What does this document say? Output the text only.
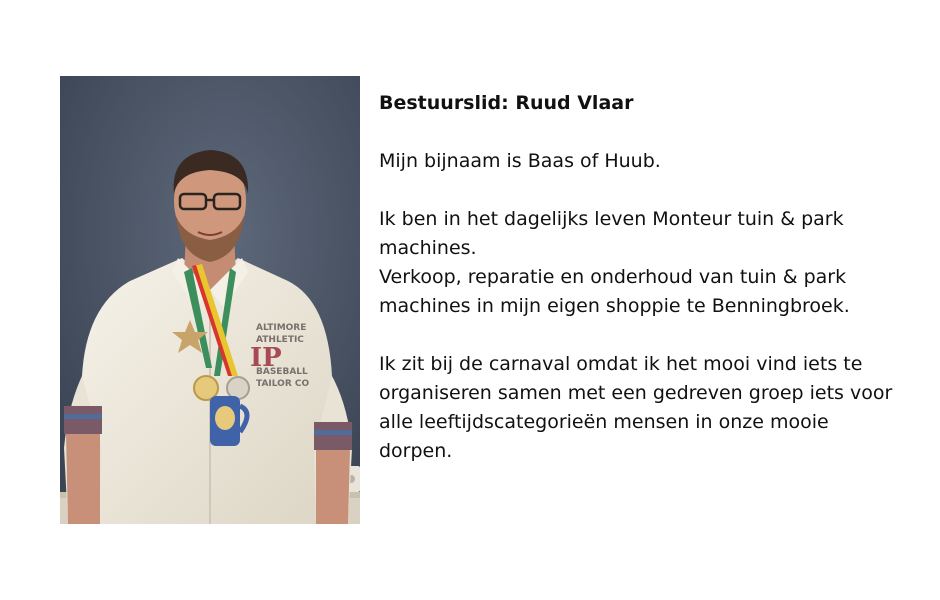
ALTIMORE
ATHLETIC
BASEBALL
TAILOR CO
IP
Bestuurslid: Ruud Vlaar

Mijn bijnaam is Baas of Huub.

Ik ben in het dagelijks leven Monteur tuin & park machines.

Verkoop, reparatie en onderhoud van tuin & park machines in mijn eigen shoppie te Benningbroek.

Ik zit bij de carnaval omdat ik het mooi vind iets te organiseren samen met een gedreven groep iets voor alle leeftijdscategorieën mensen in onze mooie dorpen.
